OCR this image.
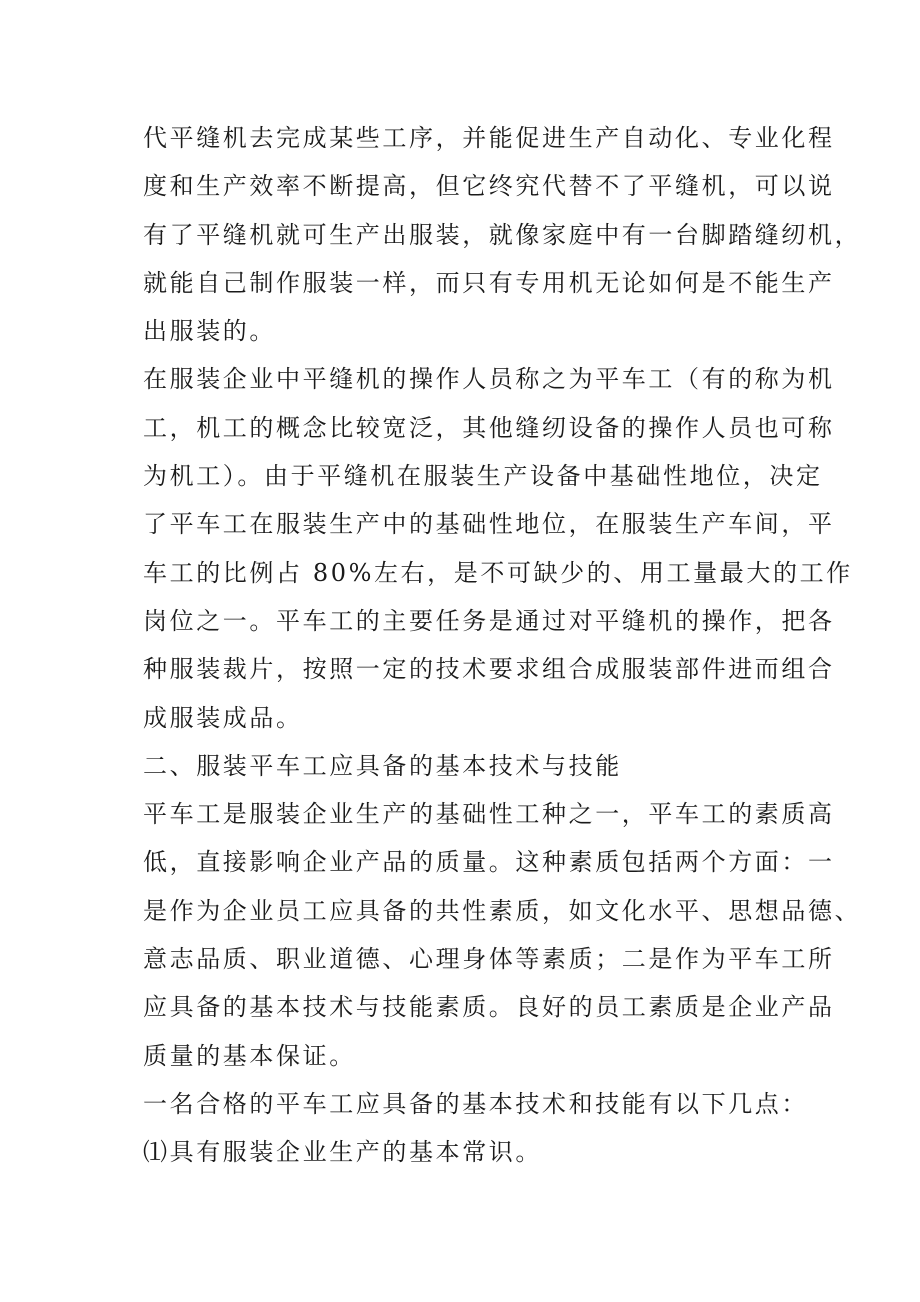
代平缝机去完成某些工序，并能促进生产自动化、专业化程
度和生产效率不断提高，但它终究代替不了平缝机，可以说
有了平缝机就可生产出服装，就像家庭中有一台脚踏缝纫机，
就能自己制作服装一样，而只有专用机无论如何是不能生产
出服装的。
在服装企业中平缝机的操作人员称之为平车工（有的称为机
工，机工的概念比较宽泛，其他缝纫设备的操作人员也可称
为机工）。由于平缝机在服装生产设备中基础性地位，决定
了平车工在服装生产中的基础性地位，在服装生产车间，平
车工的比例占 80%左右，是不可缺少的、用工量最大的工作
岗位之一。平车工的主要任务是通过对平缝机的操作，把各
种服装裁片，按照一定的技术要求组合成服装部件进而组合
成服装成品。
二、服装平车工应具备的基本技术与技能
平车工是服装企业生产的基础性工种之一，平车工的素质高
低，直接影响企业产品的质量。这种素质包括两个方面：一
是作为企业员工应具备的共性素质，如文化水平、思想品德、
意志品质、职业道德、心理身体等素质；二是作为平车工所
应具备的基本技术与技能素质。良好的员工素质是企业产品
质量的基本保证。
一名合格的平车工应具备的基本技术和技能有以下几点：
⑴具有服装企业生产的基本常识。
